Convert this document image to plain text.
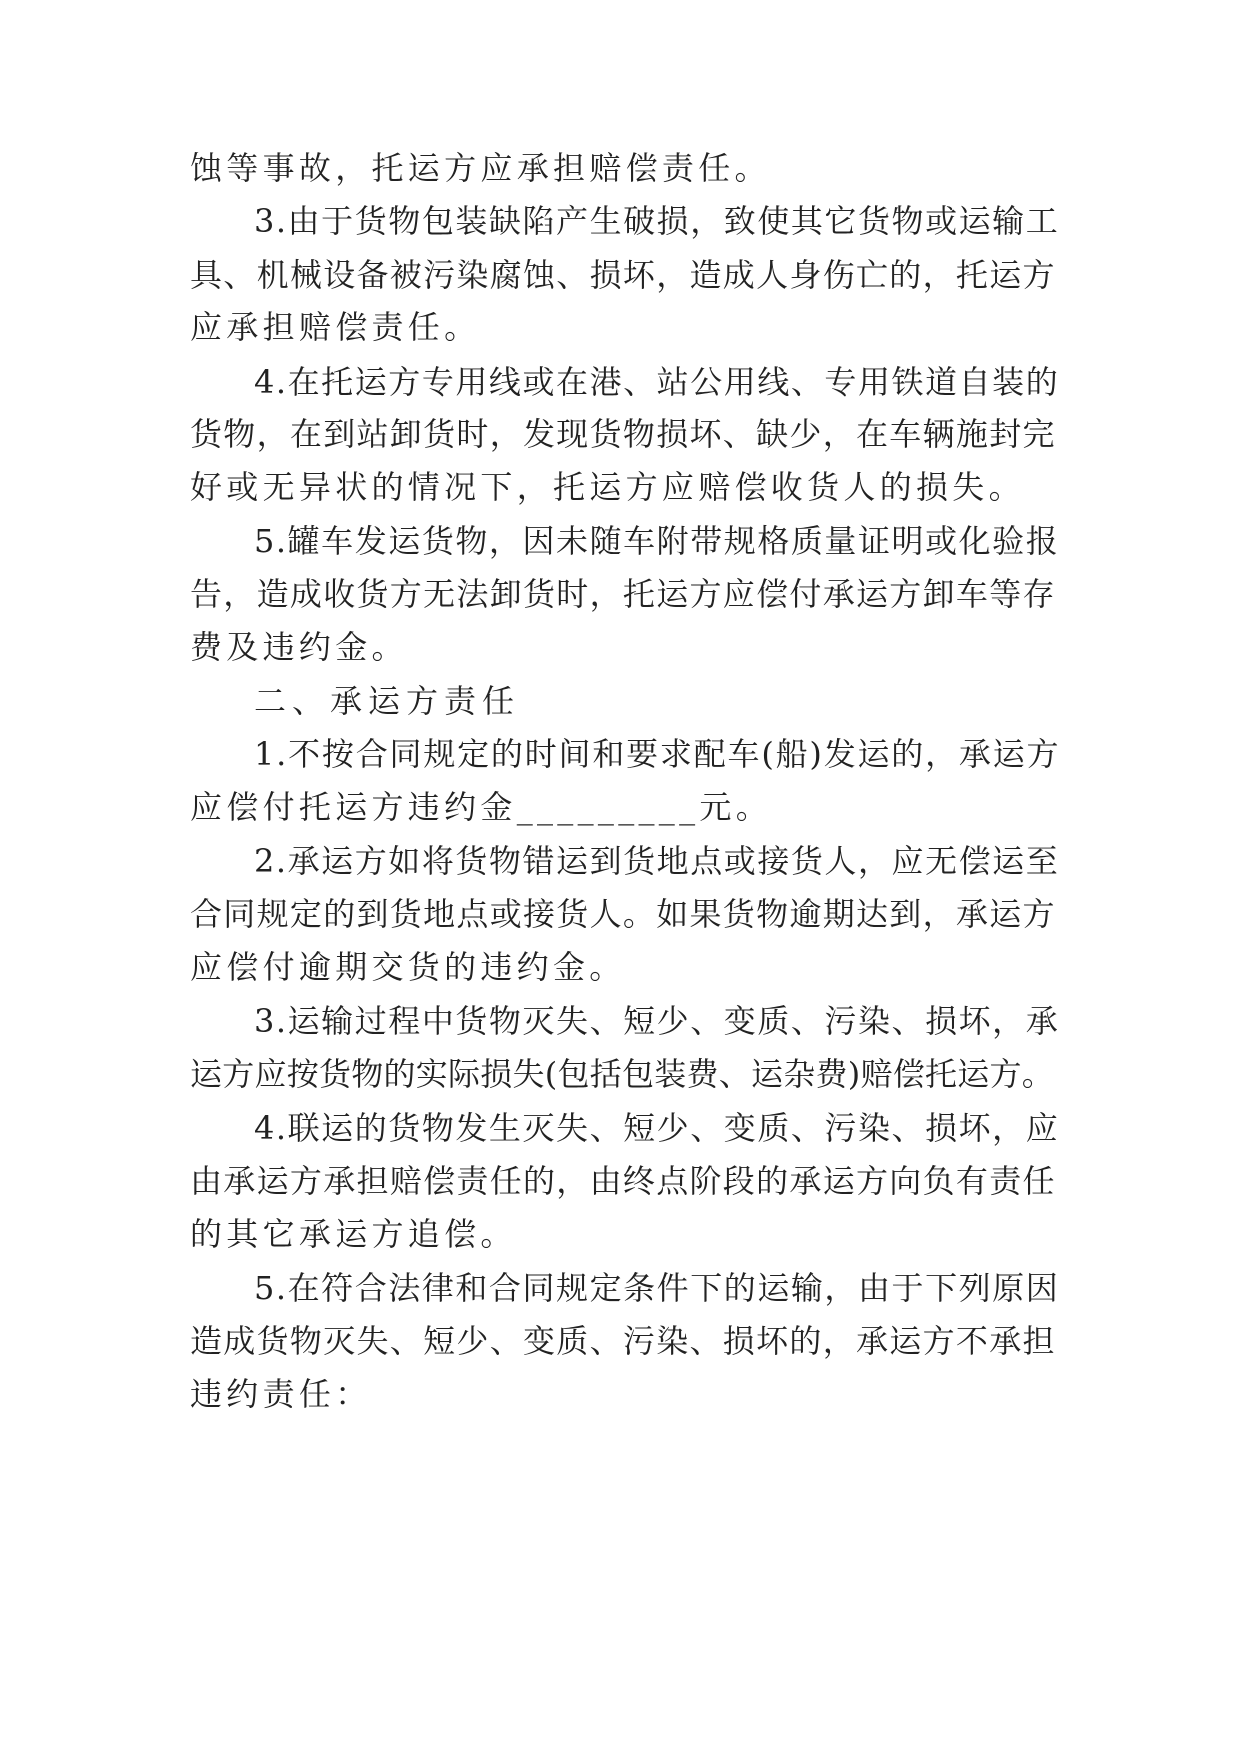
蚀等事故，托运方应承担赔偿责任。
3.由于货物包装缺陷产生破损，致使其它货物或运输工
具、机械设备被污染腐蚀、损坏，造成人身伤亡的，托运方
应承担赔偿责任。
4.在托运方专用线或在港、站公用线、专用铁道自装的
货物，在到站卸货时，发现货物损坏、缺少，在车辆施封完
好或无异状的情况下，托运方应赔偿收货人的损失。
5.罐车发运货物，因未随车附带规格质量证明或化验报
告，造成收货方无法卸货时，托运方应偿付承运方卸车等存
费及违约金。
二、承运方责任
1.不按合同规定的时间和要求配车(船)发运的，承运方
应偿付托运方违约金_________元。
2.承运方如将货物错运到货地点或接货人，应无偿运至
合同规定的到货地点或接货人。如果货物逾期达到，承运方
应偿付逾期交货的违约金。
3.运输过程中货物灭失、短少、变质、污染、损坏，承
运方应按货物的实际损失(包括包装费、运杂费)赔偿托运方。
4.联运的货物发生灭失、短少、变质、污染、损坏，应
由承运方承担赔偿责任的，由终点阶段的承运方向负有责任
的其它承运方追偿。
5.在符合法律和合同规定条件下的运输，由于下列原因
造成货物灭失、短少、变质、污染、损坏的，承运方不承担
违约责任：
